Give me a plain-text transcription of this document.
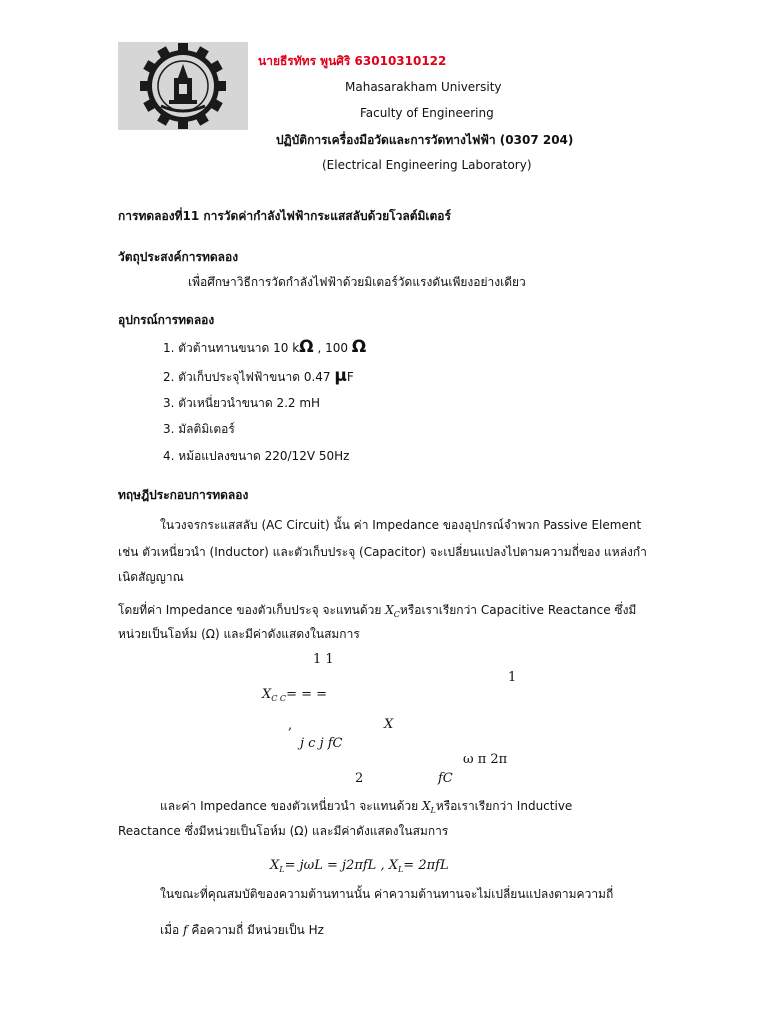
นายธีรทัทร พูนศิริ 63010310122
Mahasarakham University
Faculty of Engineering
ปฏิบัติการเครื่องมือวัดและการวัดทางไฟฟ้า (0307 204)
(Electrical Engineering Laboratory)
การทดลองที่11 การวัดค่ากำลังไฟฟ้ากระแสสลับด้วยโวลต์มิเตอร์
วัตถุประสงค์การทดลอง
เพื่อศึกษาวิธีการวัดกำลังไฟฟ้าด้วยมิเตอร์วัดแรงดันเพียงอย่างเดียว
อุปกรณ์การทดลอง
1. ตัวต้านทานขนาด 10 kΩ , 100 Ω
2. ตัวเก็บประจุไฟฟ้าขนาด 0.47 μF
3. ตัวเหนี่ยวนำขนาด 2.2 mH
3. มัลติมิเตอร์
4. หม้อแปลงขนาด 220/12V 50Hz
ทฤษฎีประกอบการทดลอง
ในวงจรกระแสสลับ (AC Circuit) นั้น ค่า Impedance ของอุปกรณ์จำพวก Passive Element
เช่น ตัวเหนี่ยวนำ (Inductor) และตัวเก็บประจุ (Capacitor) จะเปลี่ยนแปลงไปตามความถี่ของ แหล่งกำ
เนิดสัญญาณ
โดยที่ค่า Impedance ของตัวเก็บประจุ จะแทนด้วย $X_C$หรือเราเรียกว่า Capacitive Reactance ซึ่งมี
หน่วยเป็นโอห์ม (Ω) และมีค่าดังแสดงในสมการ
1 1
1
$X_{C C}=$ = =
,	X
j c j fC
ω π 2π
2	fC
และค่า Impedance ของตัวเหนี่ยวนำ จะแทนด้วย $X_L$หรือเราเรียกว่า Inductive
Reactance ซึ่งมีหน่วยเป็นโอห์ม (Ω) และมีค่าดังแสดงในสมการ
$X_L= j\omega L = j2\pi fL$ , $X_L= 2\pi fL$
ในขณะที่คุณสมบัติของความต้านทานนั้น ค่าความต้านทานจะไม่เปลี่ยนแปลงตามความถี่
เมื่อ f คือความถี่ มีหน่วยเป็น Hz
